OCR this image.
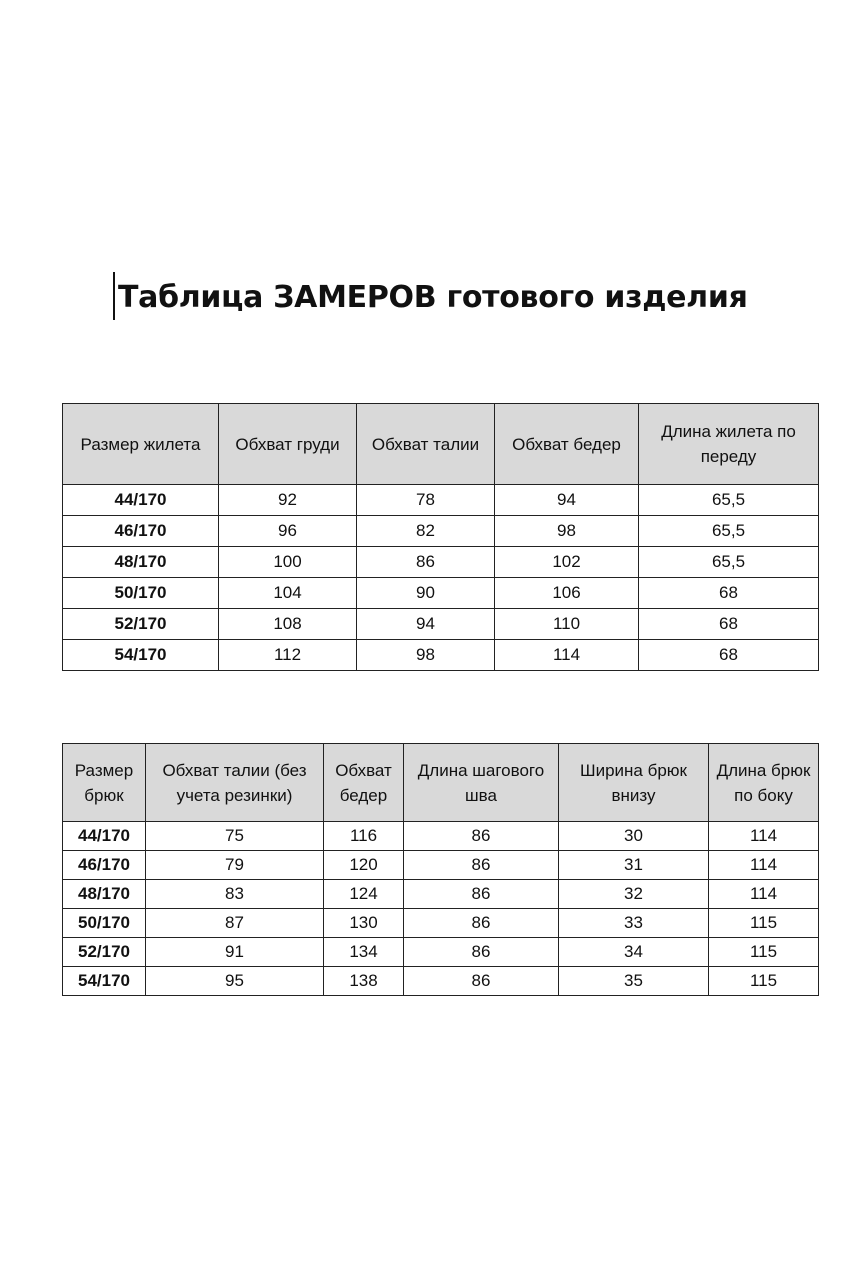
Таблица ЗАМЕРОВ готового изделия
Размер жилета	Обхват груди	Обхват талии	Обхват бедер	Длина жилета по переду
44/170	92	78	94	65,5
46/170	96	82	98	65,5
48/170	100	86	102	65,5
50/170	104	90	106	68
52/170	108	94	110	68
54/170	112	98	114	68
Размер брюк	Обхват талии (без учета резинки)	Обхват бедер	Длина шагового шва	Ширина брюк внизу	Длина брюк по боку
44/170	75	116	86	30	114
46/170	79	120	86	31	114
48/170	83	124	86	32	114
50/170	87	130	86	33	115
52/170	91	134	86	34	115
54/170	95	138	86	35	115
